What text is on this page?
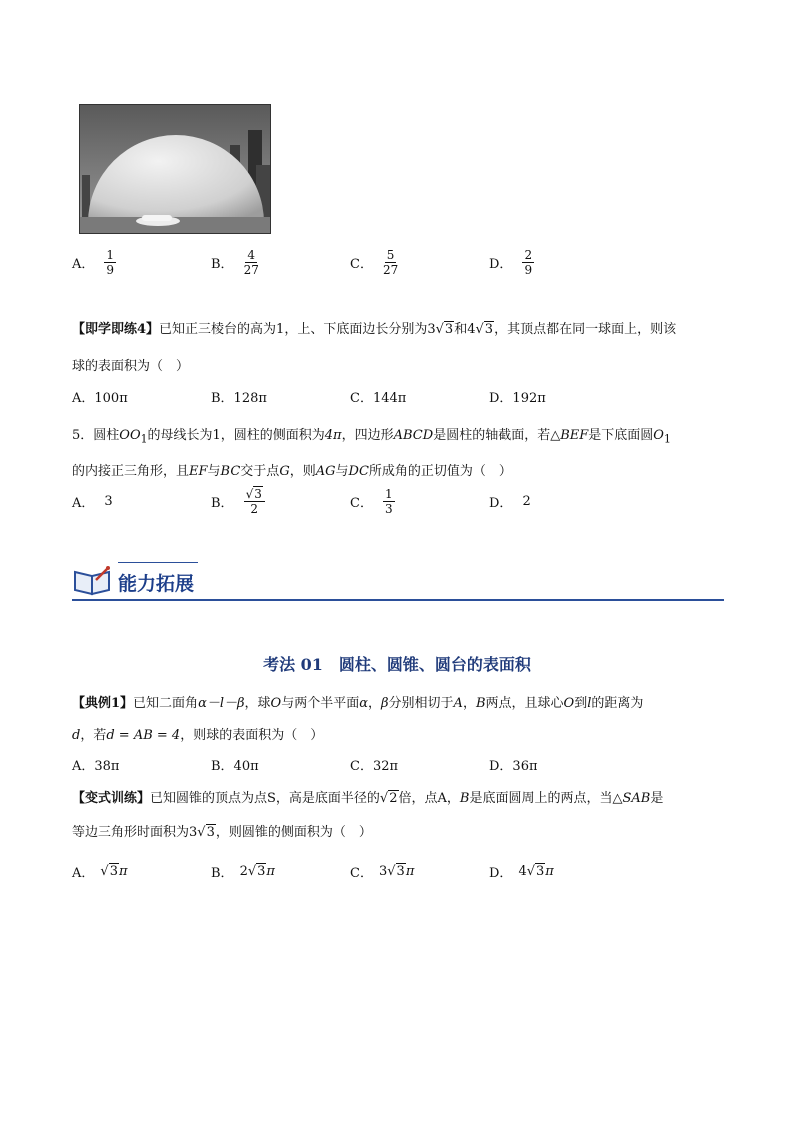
A． $\frac{1}{9}$	B． $\frac{4}{27}$	C． $\frac{5}{27}$	D． $\frac{2}{9}$
【即学即练4】已知正三棱台的高为1，上、下底面边长分别为3√3和4√3，其顶点都在同一球面上，则该
球的表面积为（　）
A．100π	B．128π	C．144π	D．192π
5．圆柱$OO_1$的母线长为1，圆柱的侧面积为4π，四边形ABCD是圆柱的轴截面，若△BEF是下底面圆$O_1$
的内接正三角形，且EF与BC交于点G，则AG与DC所成角的正切值为（　）
A． 3	B． $\frac{√3}{2}$	C． $\frac{1}{3}$	D． 2
能力拓展
考法 01　圆柱、圆锥、圆台的表面积
【典例1】已知二面角α－l－β，球O与两个半平面α，β分别相切于A，B两点，且球心O到l的距离为
d，若d = AB = 4，则球的表面积为（　）
A．38π	B．40π	C．32π	D．36π
【变式训练】已知圆锥的顶点为点S，高是底面半径的√2倍，点A，B是底面圆周上的两点，当△SAB是
等边三角形时面积为3√3，则圆锥的侧面积为（　）
A． √3 π	B． 2 √3 π	C． 3 √3 π	D． 4 √3 π
